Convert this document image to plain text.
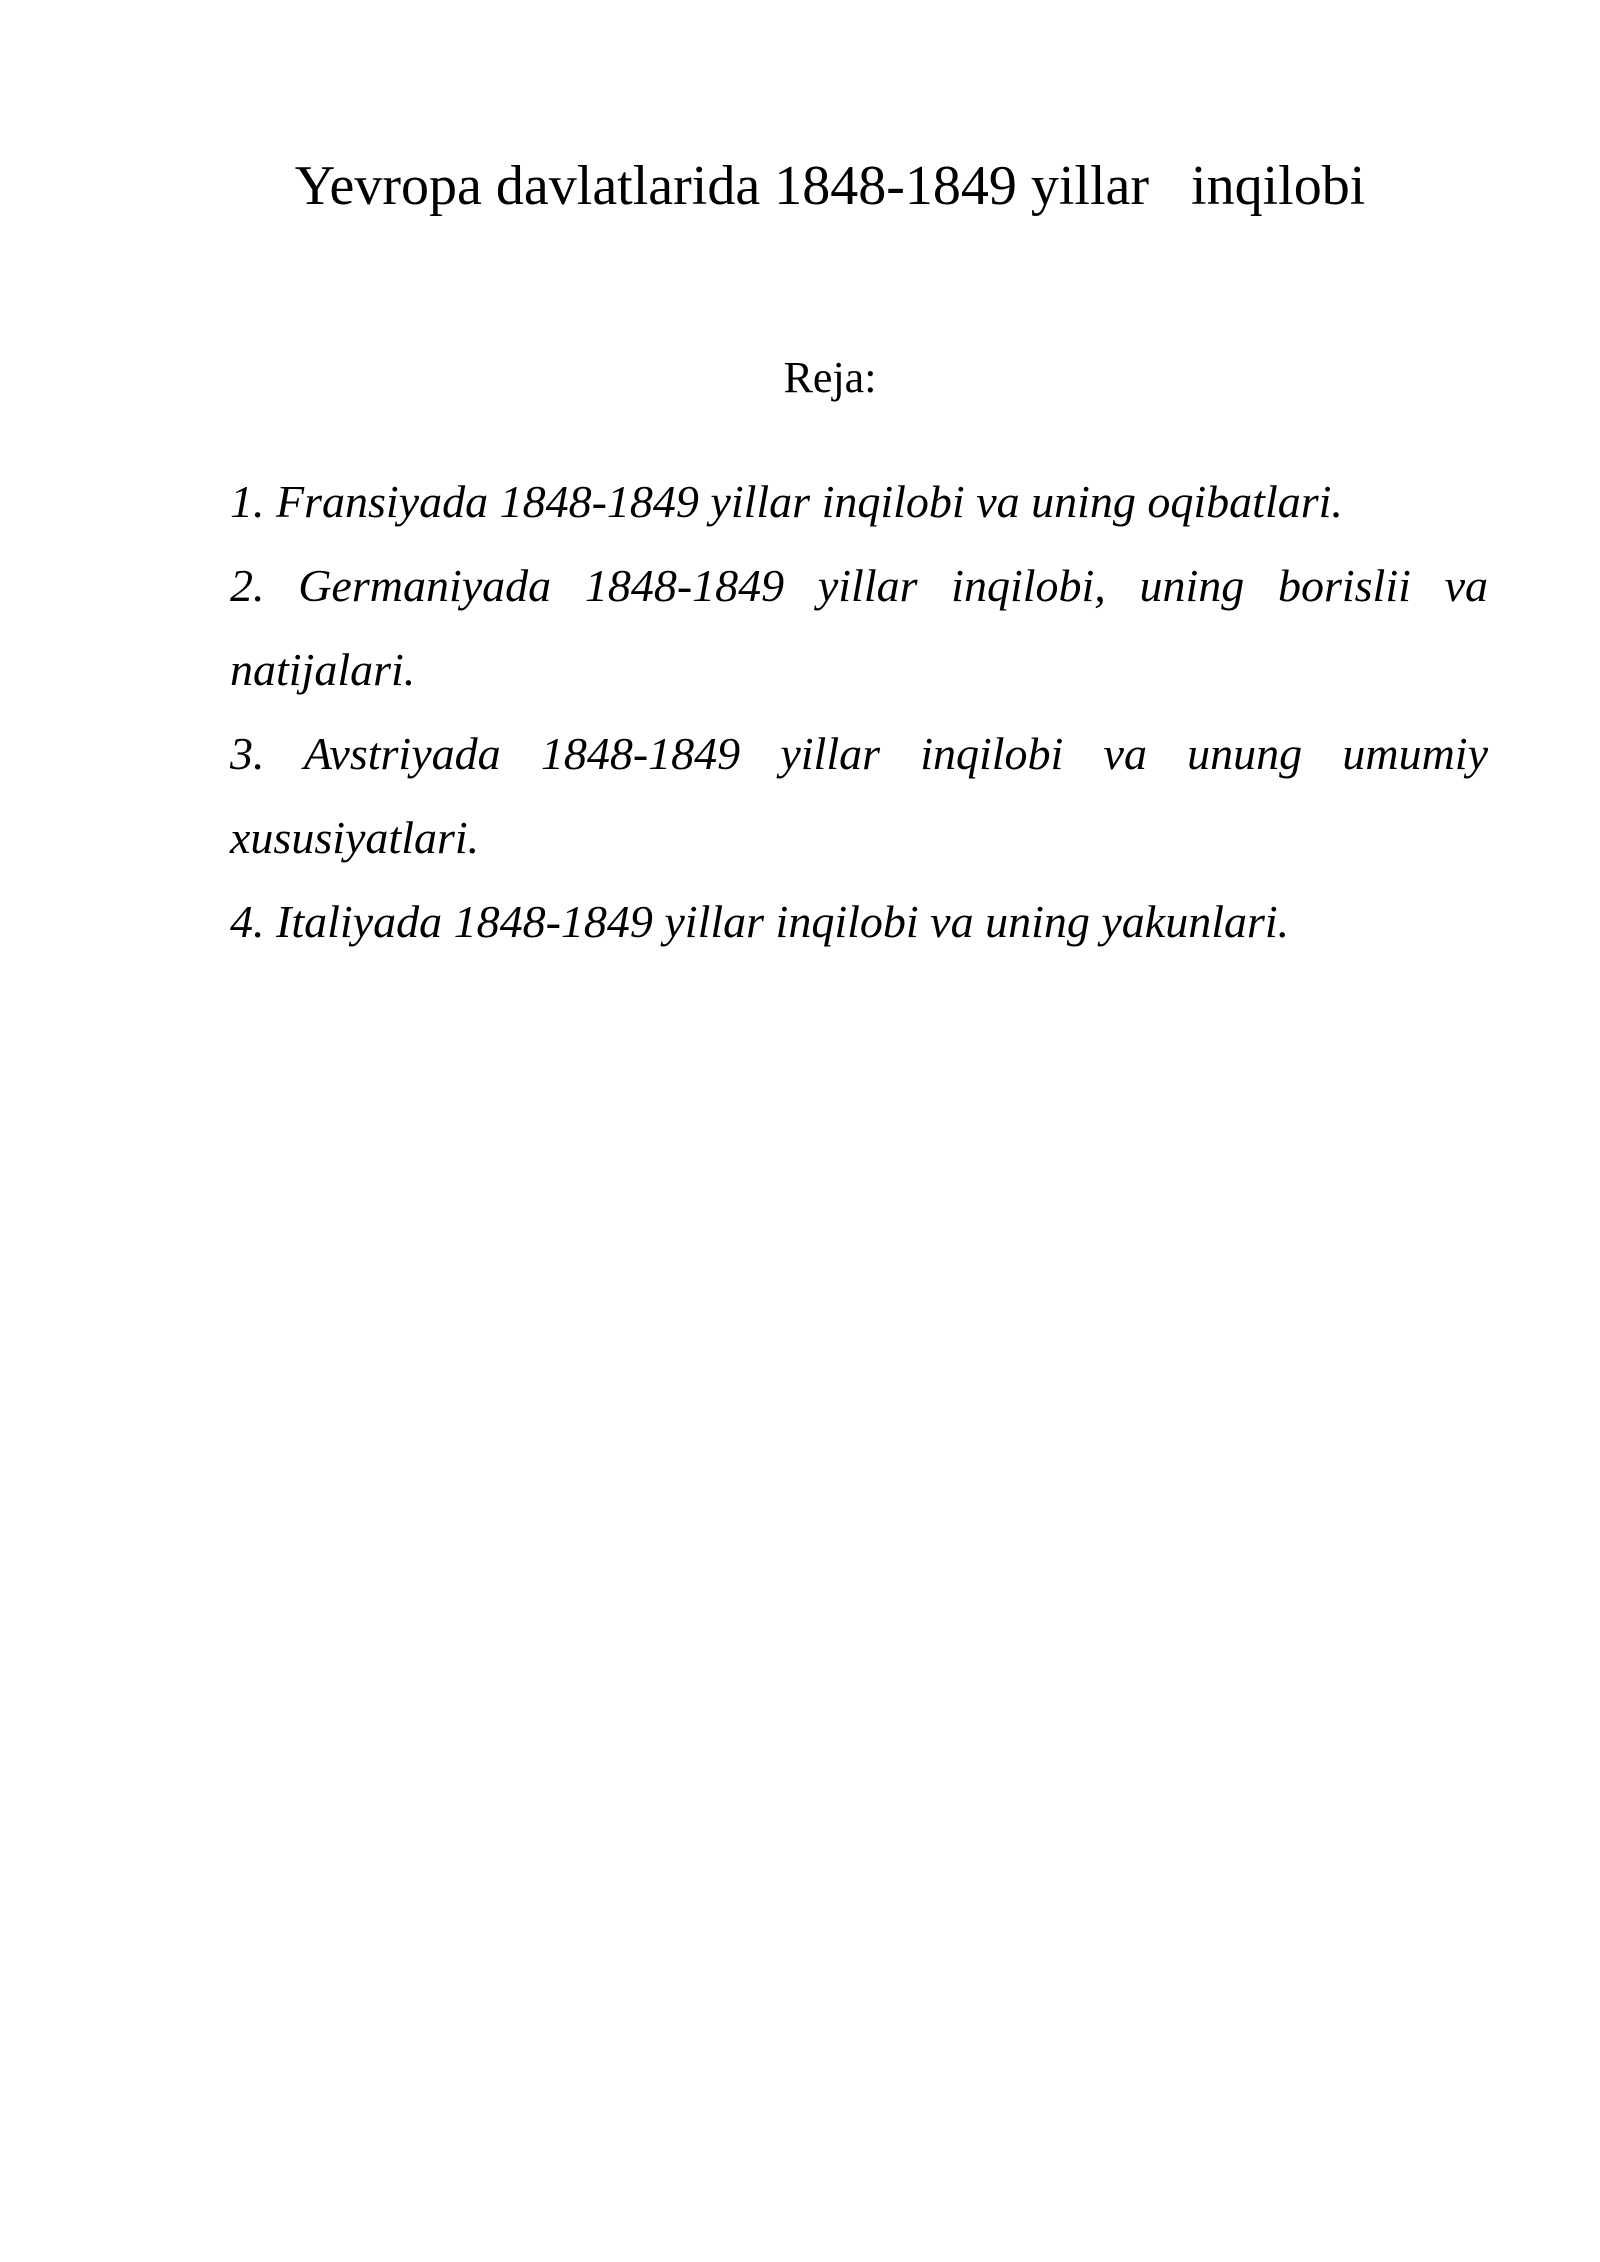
Yevropa davlatlarida 1848-1849 yillar   inqilobi

Reja:

1. Fransiyada 1848-1849 yillar inqilobi va uning oqibatlari.
2. Germaniyada 1848-1849 yillar inqilobi, uning borislii va natijalari.
3. Avstriyada 1848-1849 yillar inqilobi va unung umumiy xususiyatlari.
4. Italiyada 1848-1849 yillar inqilobi va uning yakunlari.
